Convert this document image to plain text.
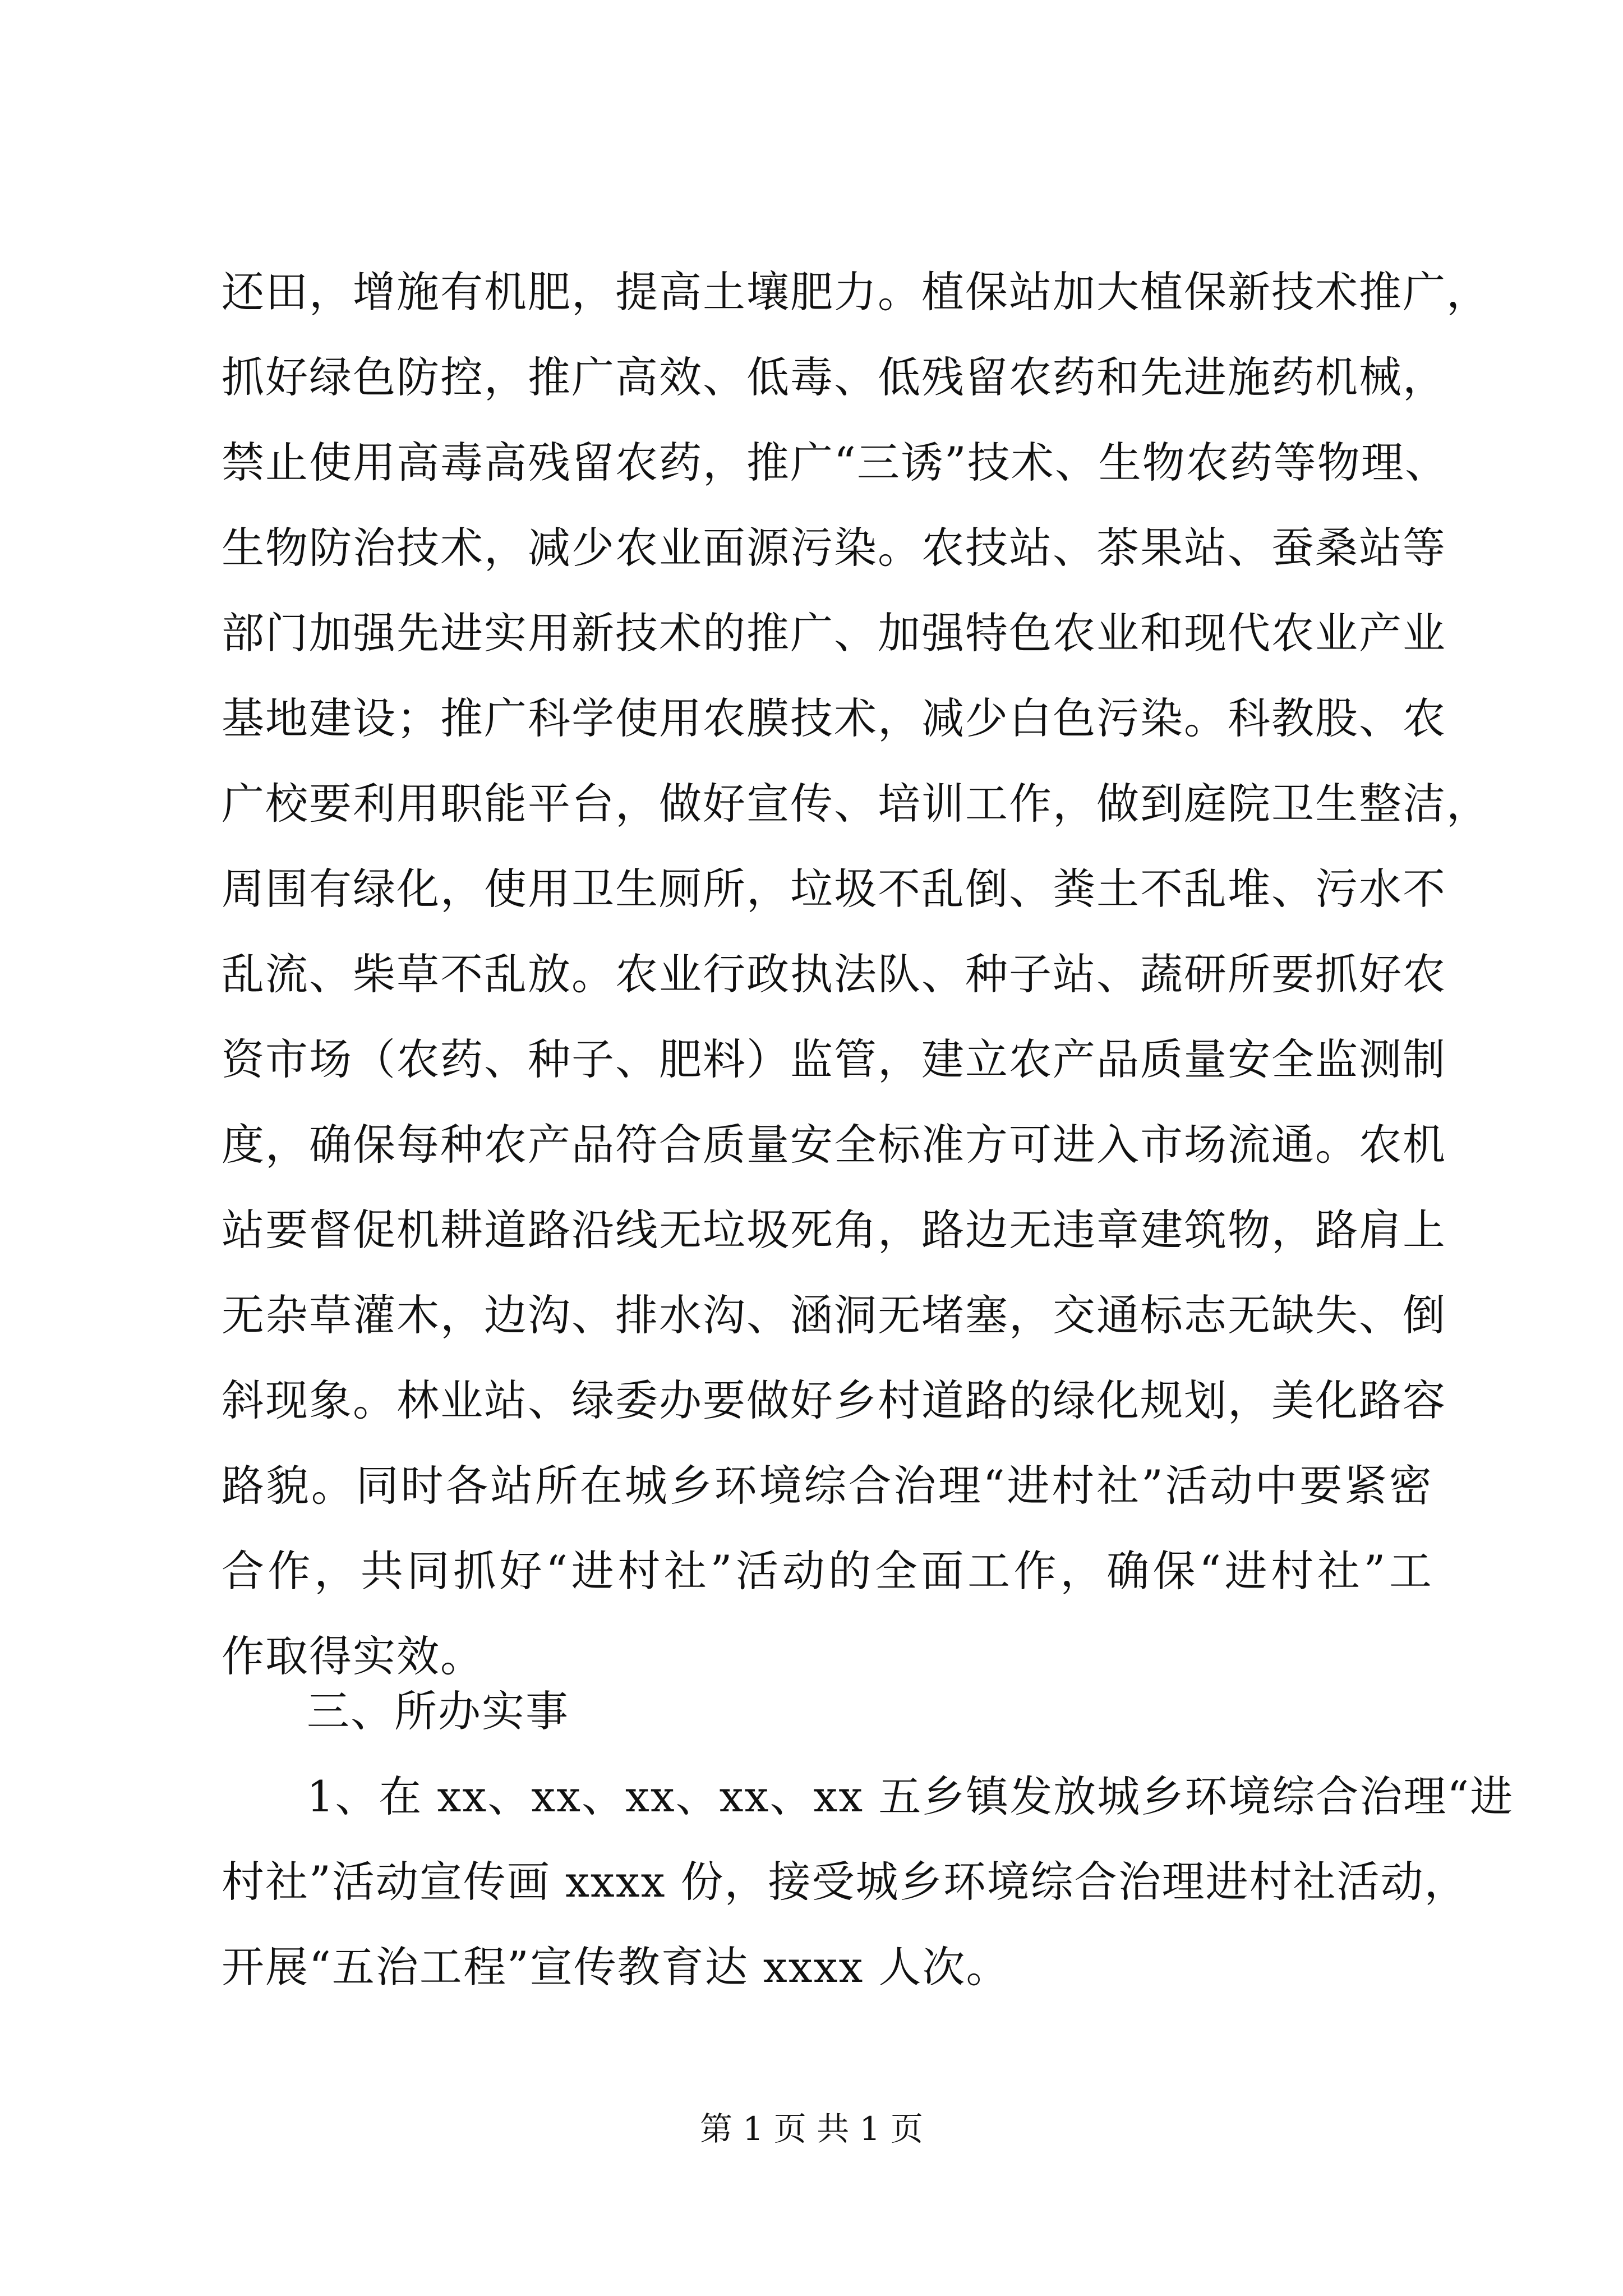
还田，增施有机肥，提高土壤肥力。植保站加大植保新技术推广，
抓好绿色防控，推广高效、低毒、低残留农药和先进施药机械，
禁止使用高毒高残留农药，推广“三诱”技术、生物农药等物理、
生物防治技术，减少农业面源污染。农技站、茶果站、蚕桑站等
部门加强先进实用新技术的推广、加强特色农业和现代农业产业
基地建设；推广科学使用农膜技术，减少白色污染。科教股、农
广校要利用职能平台，做好宣传、培训工作，做到庭院卫生整洁，
周围有绿化，使用卫生厕所，垃圾不乱倒、粪土不乱堆、污水不
乱流、柴草不乱放。农业行政执法队、种子站、蔬研所要抓好农
资市场（农药、种子、肥料）监管，建立农产品质量安全监测制
度，确保每种农产品符合质量安全标准方可进入市场流通。农机
站要督促机耕道路沿线无垃圾死角，路边无违章建筑物，路肩上
无杂草灌木，边沟、排水沟、涵洞无堵塞，交通标志无缺失、倒
斜现象。林业站、绿委办要做好乡村道路的绿化规划，美化路容
路貌。同时各站所在城乡环境综合治理“进村社”活动中要紧密
合作，共同抓好“进村社”活动的全面工作，确保“进村社”工
作取得实效。
三、所办实事
1、在 xx、xx、xx、xx、xx 五乡镇发放城乡环境综合治理“进
村社”活动宣传画 xxxx 份，接受城乡环境综合治理进村社活动，
开展“五治工程”宣传教育达 xxxx 人次。
第 1 页 共 1 页
